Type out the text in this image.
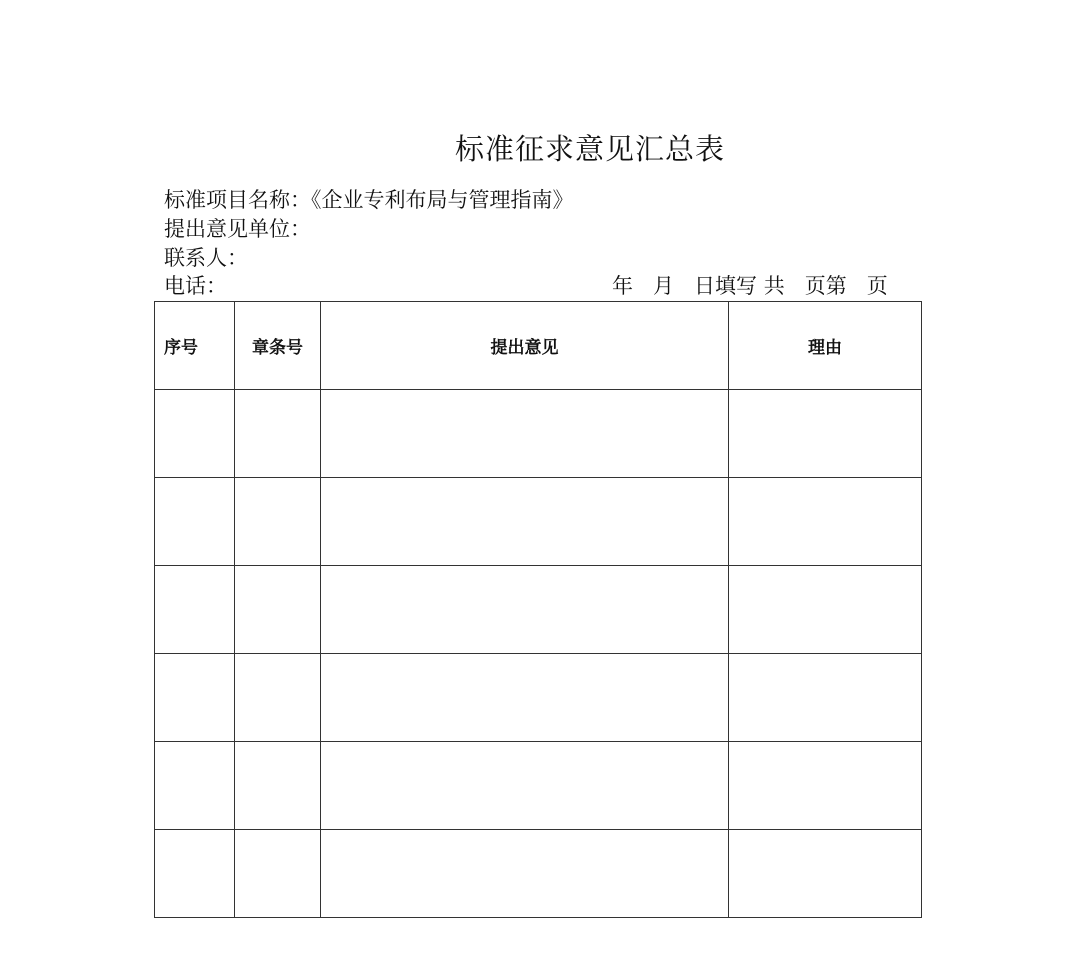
标准征求意见汇总表
标准项目名称：《企业专利布局与管理指南》
提出意见单位：
联系人：
电话：	年   月   日填写 共   页第   页
序号	章条号	提出意见	理由
